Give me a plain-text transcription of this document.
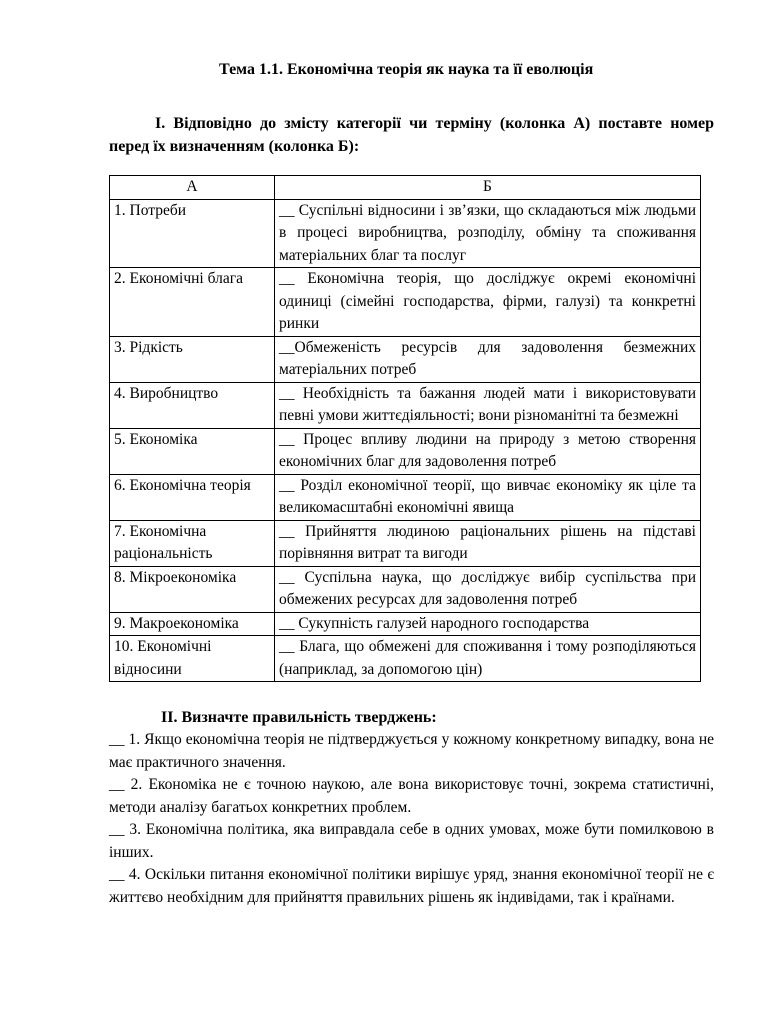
Тема 1.1. Економічна теорія як наука та її еволюція

I. Відповідно до змісту категорії чи терміну (колонка А) поставте номер перед їх визначенням (колонка Б):

А	Б
1. Потреби	__ Суспільні відносини і зв’язки, що складаються між людьми в процесі виробництва, розподілу, обміну та споживання матеріальних благ та послуг
2. Економічні блага	__ Економічна теорія, що досліджує окремі економічні одиниці (сімейні господарства, фірми, галузі) та конкретні ринки
3. Рідкість	__Обмеженість ресурсів для задоволення безмежних матеріальних потреб
4. Виробництво	__ Необхідність та бажання людей мати і використовувати певні умови життєдіяльності; вони різноманітні та безмежні
5. Економіка	__ Процес впливу людини на природу з метою створення економічних благ для задоволення потреб
6. Економічна теорія	__ Розділ економічної теорії, що вивчає економіку як ціле та великомасштабні економічні явища
7. Економічна раціональність	__ Прийняття людиною раціональних рішень на підставі порівняння витрат та вигоди
8. Мікроекономіка	__ Суспільна наука, що досліджує вибір суспільства при обмежених ресурсах для задоволення потреб
9. Макроекономіка	__ Сукупність галузей народного господарства
10. Економічні відносини	__ Блага, що обмежені для споживання і тому розподіляються (наприклад, за допомогою цін)

II. Визначте правильність тверджень:

__ 1. Якщо економічна теорія не підтверджується у кожному конкретному випадку, вона не має практичного значення.

__ 2. Економіка не є точною наукою, але вона використовує точні, зокрема статистичні, методи аналізу багатьох конкретних проблем.

__ 3. Економічна політика, яка виправдала себе в одних умовах, може бути помилковою в інших.

__ 4. Оскільки питання економічної політики вирішує уряд, знання економічної теорії не є життєво необхідним для прийняття правильних рішень як індивідами, так і країнами.
